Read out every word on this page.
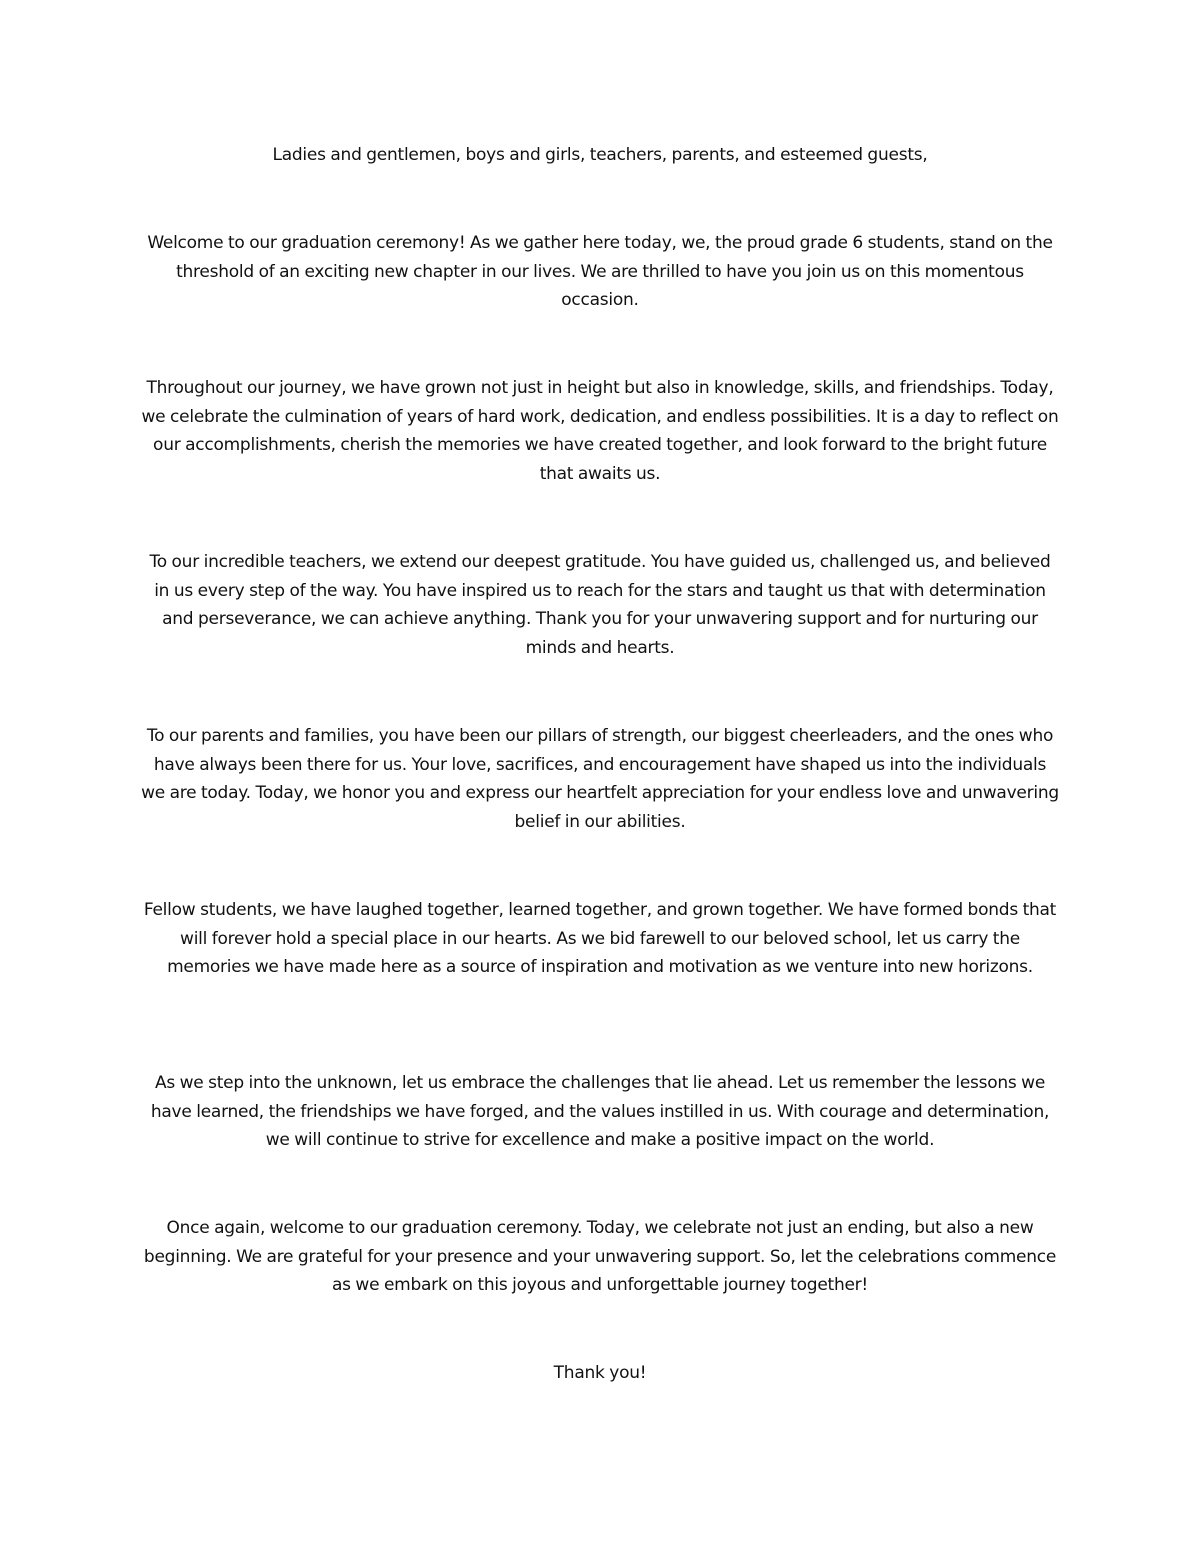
Ladies and gentlemen, boys and girls, teachers, parents, and esteemed guests,

Welcome to our graduation ceremony! As we gather here today, we, the proud grade 6 students, stand on the threshold of an exciting new chapter in our lives. We are thrilled to have you join us on this momentous occasion.

Throughout our journey, we have grown not just in height but also in knowledge, skills, and friendships. Today, we celebrate the culmination of years of hard work, dedication, and endless possibilities. It is a day to reflect on our accomplishments, cherish the memories we have created together, and look forward to the bright future that awaits us.

To our incredible teachers, we extend our deepest gratitude. You have guided us, challenged us, and believed in us every step of the way. You have inspired us to reach for the stars and taught us that with determination and perseverance, we can achieve anything. Thank you for your unwavering support and for nurturing our minds and hearts.

To our parents and families, you have been our pillars of strength, our biggest cheerleaders, and the ones who have always been there for us. Your love, sacrifices, and encouragement have shaped us into the individuals we are today. Today, we honor you and express our heartfelt appreciation for your endless love and unwavering belief in our abilities.

Fellow students, we have laughed together, learned together, and grown together. We have formed bonds that will forever hold a special place in our hearts. As we bid farewell to our beloved school, let us carry the memories we have made here as a source of inspiration and motivation as we venture into new horizons.

As we step into the unknown, let us embrace the challenges that lie ahead. Let us remember the lessons we have learned, the friendships we have forged, and the values instilled in us. With courage and determination, we will continue to strive for excellence and make a positive impact on the world.

Once again, welcome to our graduation ceremony. Today, we celebrate not just an ending, but also a new beginning. We are grateful for your presence and your unwavering support. So, let the celebrations commence as we embark on this joyous and unforgettable journey together!

Thank you!
